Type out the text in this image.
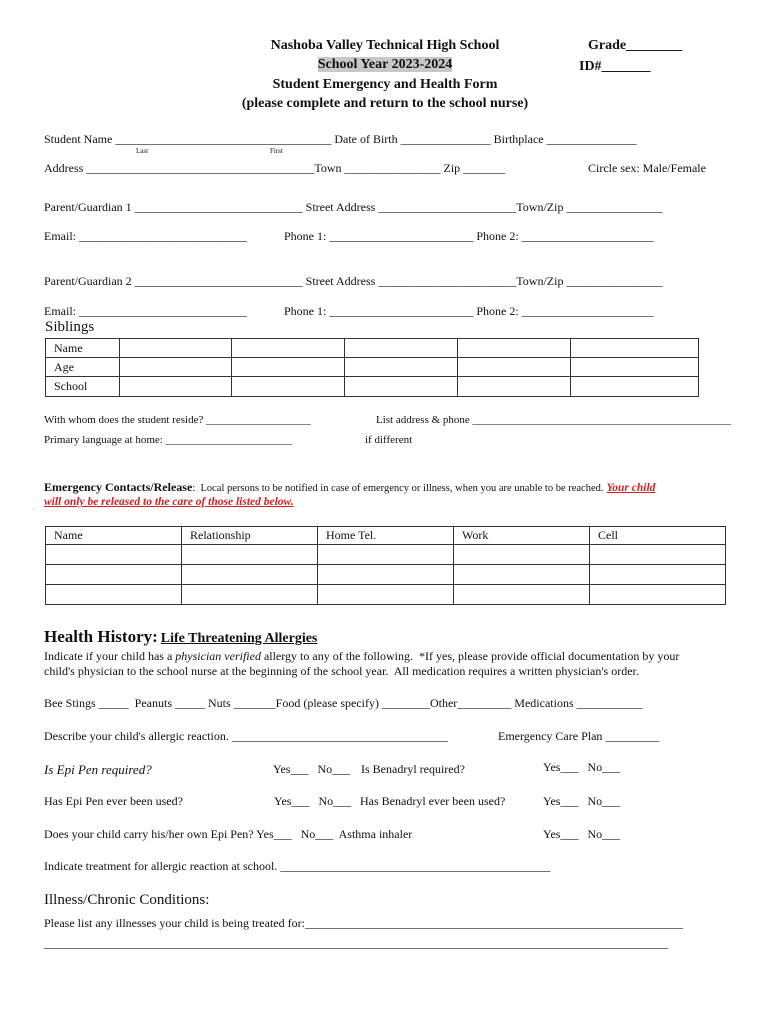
Nashoba Valley Technical High School
School Year 2023-2024
Student Emergency and Health Form
(please complete and return to the school nurse)
Grade________
ID#_______
Student Name ____________________________________ Date of Birth _______________ Birthplace _______________
Last	First
Address ______________________________________Town ________________ Zip _______	Circle sex: Male/Female
Parent/Guardian 1 ____________________________ Street Address _______________________Town/Zip ________________
Email: ____________________________	Phone 1: ________________________ Phone 2: ______________________
Parent/Guardian 2 ____________________________ Street Address _______________________Town/Zip ________________
Email: ____________________________	Phone 1: ________________________ Phone 2: ______________________
Siblings
Name					
Age					
School					
With whom does the student reside? ___________________	List address & phone _______________________________________________
Primary language at home: _______________________	if different
Emergency Contacts/Release:  Local persons to be notified in case of emergency or illness, when you are unable to be reached. Your child
will only be released to the care of those listed below.
Name	Relationship	Home Tel.	Work	Cell

Health History: Life Threatening Allergies
Indicate if your child has a physician verified allergy to any of the following.  *If yes, please provide official documentation by your
child's physician to the school nurse at the beginning of the school year.  All medication requires a written physician's order.
Bee Stings _____  Peanuts _____ Nuts _______Food (please specify) ________Other_________ Medications ___________
Describe your child's allergic reaction. ____________________________________	Emergency Care Plan _________
Is Epi Pen required?	Yes___   No___ Is Benadryl required?	Yes___   No___
Has Epi Pen ever been used?	Yes___   No___ Has Benadryl ever been used?	Yes___   No___
Does your child carry his/her own Epi Pen? Yes___   No___  Asthma inhaler	Yes___   No___
Indicate treatment for allergic reaction at school. _____________________________________________
Illness/Chronic Conditions:
Please list any illnesses your child is being treated for:_______________________________________________________________
________________________________________________________________________________________________________
